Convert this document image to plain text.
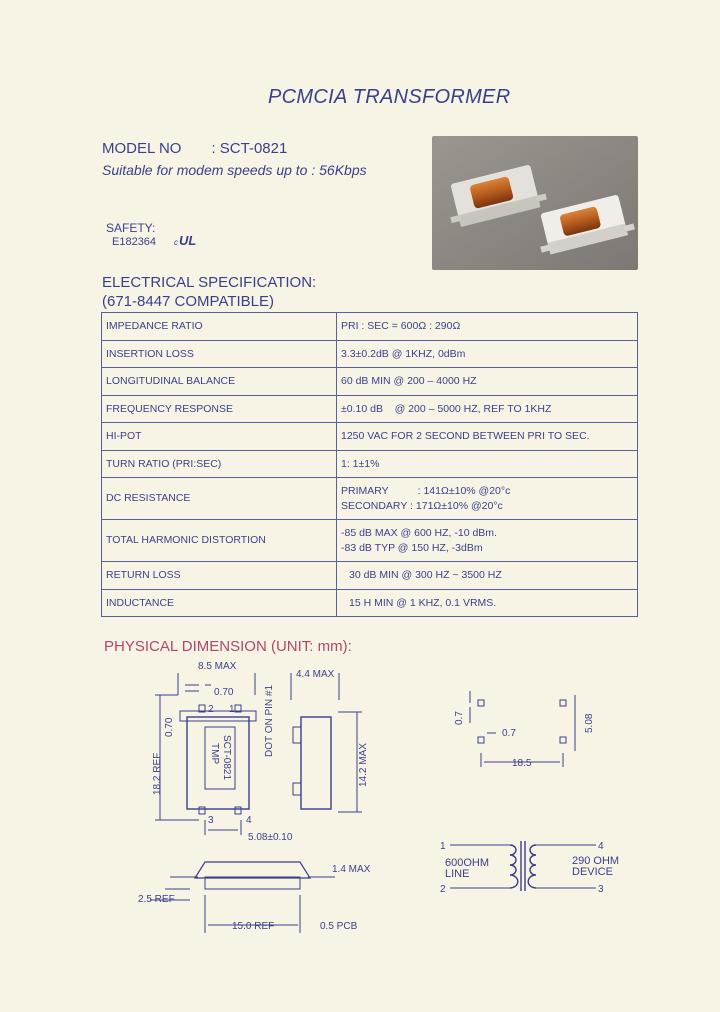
PCMCIA TRANSFORMER
MODEL NO : SCT-0821
Suitable for modem speeds up to : 56Kbps
SAFETY:
E182364 cUL
ELECTRICAL SPECIFICATION:
(671-8447 COMPATIBLE)
IMPEDANCE RATIO	PRI : SEC = 600Ω : 290Ω
INSERTION LOSS	3.3±0.2dB @ 1KHZ, 0dBm
LONGITUDINAL BALANCE	60 dB MIN @ 200 – 4000 HZ
FREQUENCY RESPONSE	±0.10 dB    @ 200 – 5000 HZ, REF TO 1KHZ
HI-POT	1250 VAC FOR 2 SECOND BETWEEN PRI TO SEC.
TURN RATIO (PRI:SEC)	1: 1±1%
DC RESISTANCE	PRIMARY          : 141Ω±10% @20°c
SECONDARY : 171Ω±10% @20°c

TOTAL HARMONIC DISTORTION	-85 dB MAX @ 600 HZ, -10 dBm.
-83 dB TYP @ 150 HZ, -3dBm

RETURN LOSS	30 dB MIN @ 300 HZ ~ 3500 HZ
INDUCTANCE	15 H MIN @ 1 KHZ, 0.1 VRMS.
PHYSICAL DIMENSION (UNIT: mm):
8.5 MAX
0.70
2 1
3	4
0.70
18.2 REF	SCT-0821
TMP	DOT ON PIN #1
5.08±0.10
4.4 MAX
14.2 MAX
1.4 MAX
2.5 REF
15.0 REF	0.5 PCB
0.7
0.7
5.08
18.5
1
2
4
3
600OHM
LINE
290 OHM
DEVICE
